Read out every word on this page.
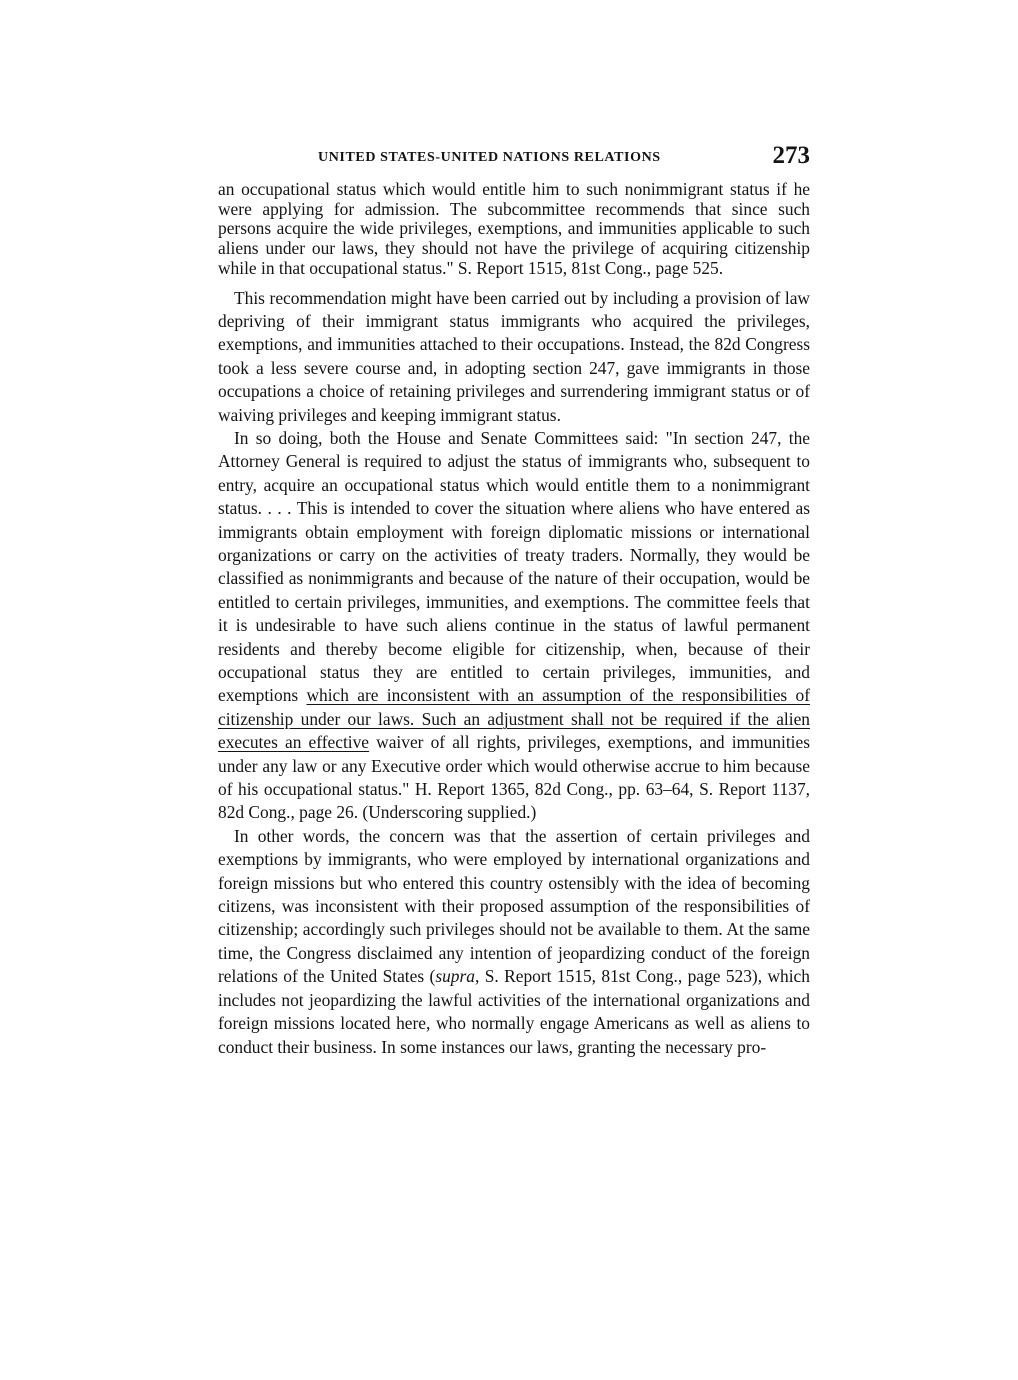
UNITED STATES-UNITED NATIONS RELATIONS	273

an occupational status which would entitle him to such nonimmigrant status if he were applying for admission. The subcommittee recommends that since such persons acquire the wide privileges, exemptions, and immunities applicable to such aliens under our laws, they should not have the privilege of acquiring citizenship while in that occupational status." S. Report 1515, 81st Cong., page 525.

This recommendation might have been carried out by including a provision of law depriving of their immigrant status immigrants who acquired the privileges, exemptions, and immunities attached to their occupations. Instead, the 82d Congress took a less severe course and, in adopting section 247, gave immigrants in those occupations a choice of retaining privileges and surrendering immigrant status or of waiving privileges and keeping immigrant status.

In so doing, both the House and Senate Committees said: "In section 247, the Attorney General is required to adjust the status of immigrants who, subsequent to entry, acquire an occupational status which would entitle them to a nonimmigrant status. . . . This is intended to cover the situation where aliens who have entered as immigrants obtain employment with foreign diplomatic missions or international organizations or carry on the activities of treaty traders. Normally, they would be classified as nonimmigrants and because of the nature of their occupation, would be entitled to certain privileges, immunities, and exemptions. The committee feels that it is undesirable to have such aliens continue in the status of lawful permanent residents and thereby become eligible for citizenship, when, because of their occupational status they are entitled to certain privileges, immunities, and exemptions which are inconsistent with an assumption of the responsibilities of citizenship under our laws. Such an adjustment shall not be required if the alien executes an effective waiver of all rights, privileges, exemptions, and immunities under any law or any Executive order which would otherwise accrue to him because of his occupational status." H. Report 1365, 82d Cong., pp. 63–64, S. Report 1137, 82d Cong., page 26. (Underscoring supplied.)

In other words, the concern was that the assertion of certain privileges and exemptions by immigrants, who were employed by international organizations and foreign missions but who entered this country ostensibly with the idea of becoming citizens, was inconsistent with their proposed assumption of the responsibilities of citizenship; accordingly such privileges should not be available to them. At the same time, the Congress disclaimed any intention of jeopardizing conduct of the foreign relations of the United States (supra, S. Report 1515, 81st Cong., page 523), which includes not jeopardizing the lawful activities of the international organizations and foreign missions located here, who normally engage Americans as well as aliens to conduct their business. In some instances our laws, granting the necessary pro-
